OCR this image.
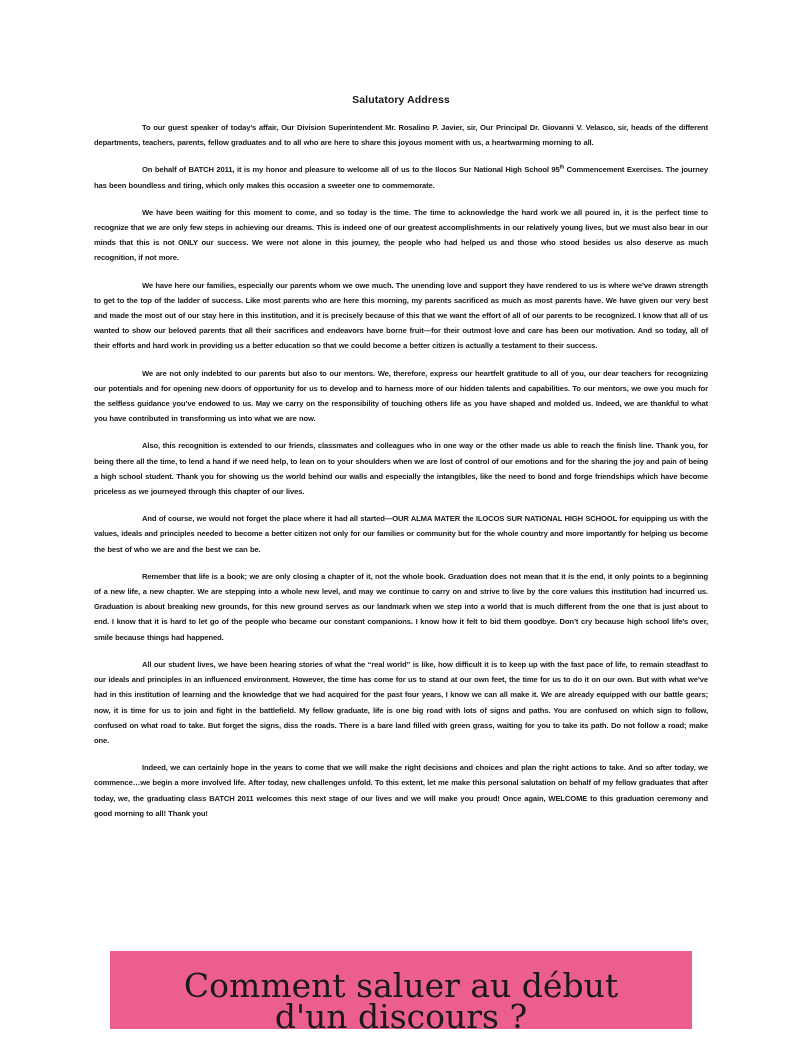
Salutatory Address

To our guest speaker of today’s affair, Our Division Superintendent Mr. Rosalino P. Javier, sir, Our Principal Dr. Giovanni V. Velasco, sir, heads of the different departments, teachers, parents, fellow graduates and to all who are here to share this joyous moment with us, a heartwarming morning to all.

On behalf of BATCH 2011, it is my honor and pleasure to welcome all of us to the Ilocos Sur National High School 95th Commencement Exercises. The journey has been boundless and tiring, which only makes this occasion a sweeter one to commemorate.

We have been waiting for this moment to come, and so today is the time. The time to acknowledge the hard work we all poured in, it is the perfect time to recognize that we are only few steps in achieving our dreams. This is indeed one of our greatest accomplishments in our relatively young lives, but we must also bear in our minds that this is not ONLY our success. We were not alone in this journey, the people who had helped us and those who stood besides us also deserve as much recognition, if not more.

We have here our families, especially our parents whom we owe much. The unending love and support they have rendered to us is where we’ve drawn strength to get to the top of the ladder of success. Like most parents who are here this morning, my parents sacrificed as much as most parents have. We have given our very best and made the most out of our stay here in this institution, and it is precisely because of this that we want the effort of all of our parents to be recognized. I know that all of us wanted to show our beloved parents that all their sacrifices and endeavors have borne fruit—for their outmost love and care has been our motivation. And so today, all of their efforts and hard work in providing us a better education so that we could become a better citizen is actually a testament to their success.

We are not only indebted to our parents but also to our mentors. We, therefore, express our heartfelt gratitude to all of you, our dear teachers for recognizing our potentials and for opening new doors of opportunity for us to develop and to harness more of our hidden talents and capabilities. To our mentors, we owe you much for the selfless guidance you’ve endowed to us. May we carry on the responsibility of touching others life as you have shaped and molded us. Indeed, we are thankful to what you have contributed in transforming us into what we are now.

Also, this recognition is extended to our friends, classmates and colleagues who in one way or the other made us able to reach the finish line. Thank you, for being there all the time, to lend a hand if we need help, to lean on to your shoulders when we are lost of control of our emotions and for the sharing the joy and pain of being a high school student. Thank you for showing us the world behind our walls and especially the intangibles, like the need to bond and forge friendships which have become priceless as we journeyed through this chapter of our lives.

And of course, we would not forget the place where it had all started—OUR ALMA MATER the ILOCOS SUR NATIONAL HIGH SCHOOL for equipping us with the values, ideals and principles needed to become a better citizen not only for our families or community but for the whole country and more importantly for helping us become the best of who we are and the best we can be.

Remember that life is a book; we are only closing a chapter of it, not the whole book. Graduation does not mean that it is the end, it only points to a beginning of a new life, a new chapter. We are stepping into a whole new level, and may we continue to carry on and strive to live by the core values this institution had incurred us. Graduation is about breaking new grounds, for this new ground serves as our landmark when we step into a world that is much different from the one that is just about to end. I know that it is hard to let go of the people who became our constant companions. I know how it felt to bid them goodbye. Don’t cry because high school life’s over, smile because things had happened.

All our student lives, we have been hearing stories of what the “real world” is like, how difficult it is to keep up with the fast pace of life, to remain steadfast to our ideals and principles in an influenced environment. However, the time has come for us to stand at our own feet, the time for us to do it on our own. But with what we’ve had in this institution of learning and the knowledge that we had acquired for the past four years, I know we can all make it. We are already equipped with our battle gears; now, it is time for us to join and fight in the battlefield. My fellow graduate, life is one big road with lots of signs and paths. You are confused on which sign to follow, confused on what road to take. But forget the signs, diss the roads. There is a bare land filled with green grass, waiting for you to take its path. Do not follow a road; make one.

Indeed, we can certainly hope in the years to come that we will make the right decisions and choices and plan the right actions to take. And so after today, we commence…we begin a more involved life. After today, new challenges unfold. To this extent, let me make this personal salutation on behalf of my fellow graduates that after today, we, the graduating class BATCH 2011 welcomes this next stage of our lives and we will make you proud! Once again, WELCOME to this graduation ceremony and good morning to all! Thank you!

Comment saluer au début
d'un discours ?
